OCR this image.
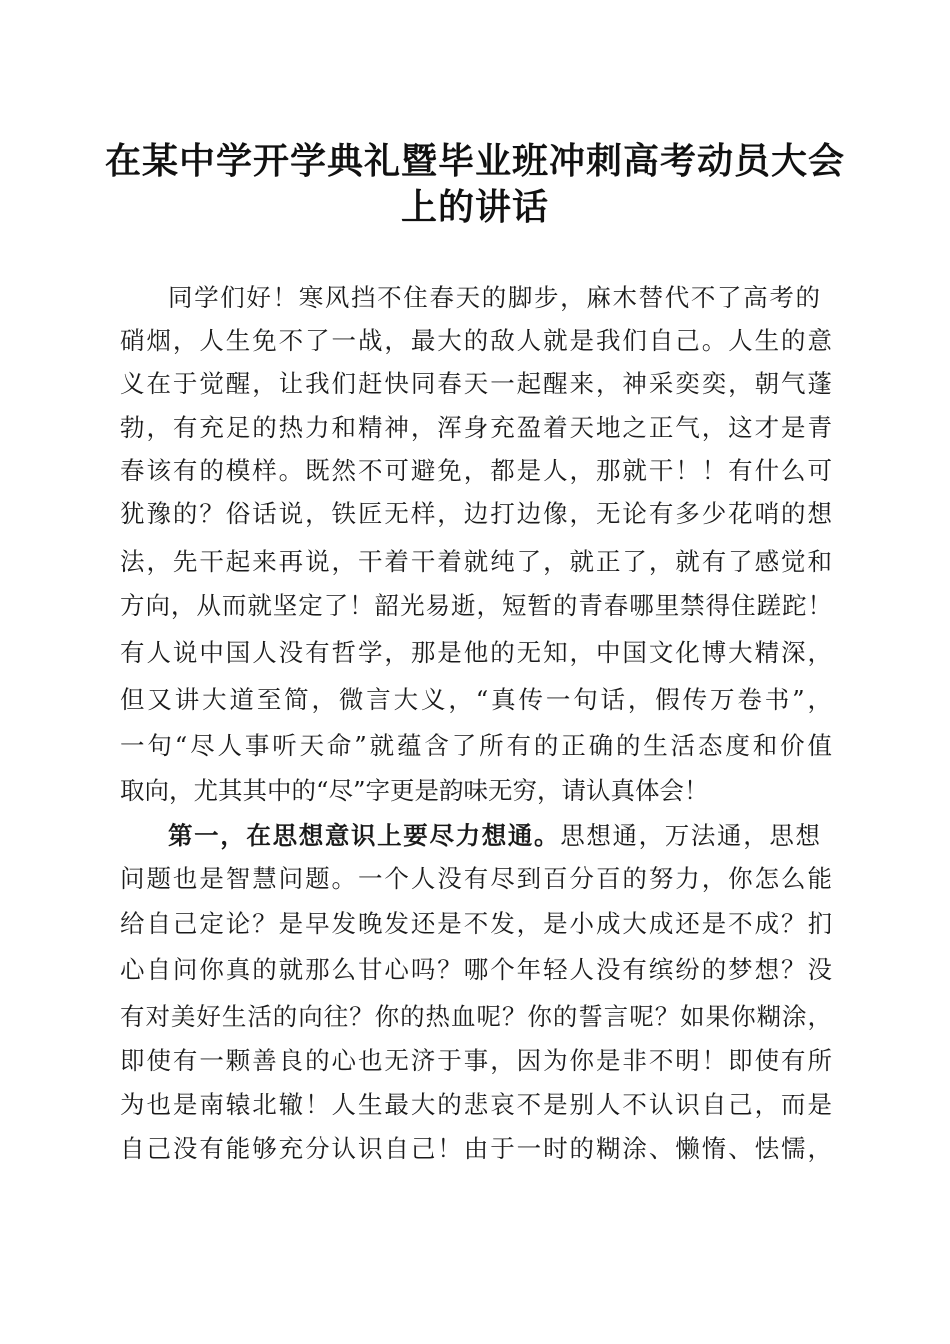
在某中学开学典礼暨毕业班冲刺高考动员大会
上的讲话
同学们好！寒风挡不住春天的脚步，麻木替代不了高考的
硝烟，人生免不了一战，最大的敌人就是我们自己。人生的意
义在于觉醒，让我们赶快同春天一起醒来，神采奕奕，朝气蓬
勃，有充足的热力和精神，浑身充盈着天地之正气，这才是青
春该有的模样。既然不可避免，都是人，那就干！！有什么可
犹豫的？俗话说，铁匠无样，边打边像，无论有多少花哨的想
法，先干起来再说，干着干着就纯了，就正了，就有了感觉和
方向，从而就坚定了！韶光易逝，短暂的青春哪里禁得住蹉跎！
有人说中国人没有哲学，那是他的无知，中国文化博大精深，
但又讲大道至简，微言大义，“真传一句话，假传万卷书”，
一句“尽人事听天命”就蕴含了所有的正确的生活态度和价值
取向，尤其其中的“尽”字更是韵味无穷，请认真体会！
第一，在思想意识上要尽力想通。思想通，万法通，思想
问题也是智慧问题。一个人没有尽到百分百的努力，你怎么能
给自己定论？是早发晚发还是不发，是小成大成还是不成？扪
心自问你真的就那么甘心吗？哪个年轻人没有缤纷的梦想？没
有对美好生活的向往？你的热血呢？你的誓言呢？如果你糊涂，
即使有一颗善良的心也无济于事，因为你是非不明！即使有所
为也是南辕北辙！人生最大的悲哀不是别人不认识自己，而是
自己没有能够充分认识自己！由于一时的糊涂、懒惰、怯懦，
